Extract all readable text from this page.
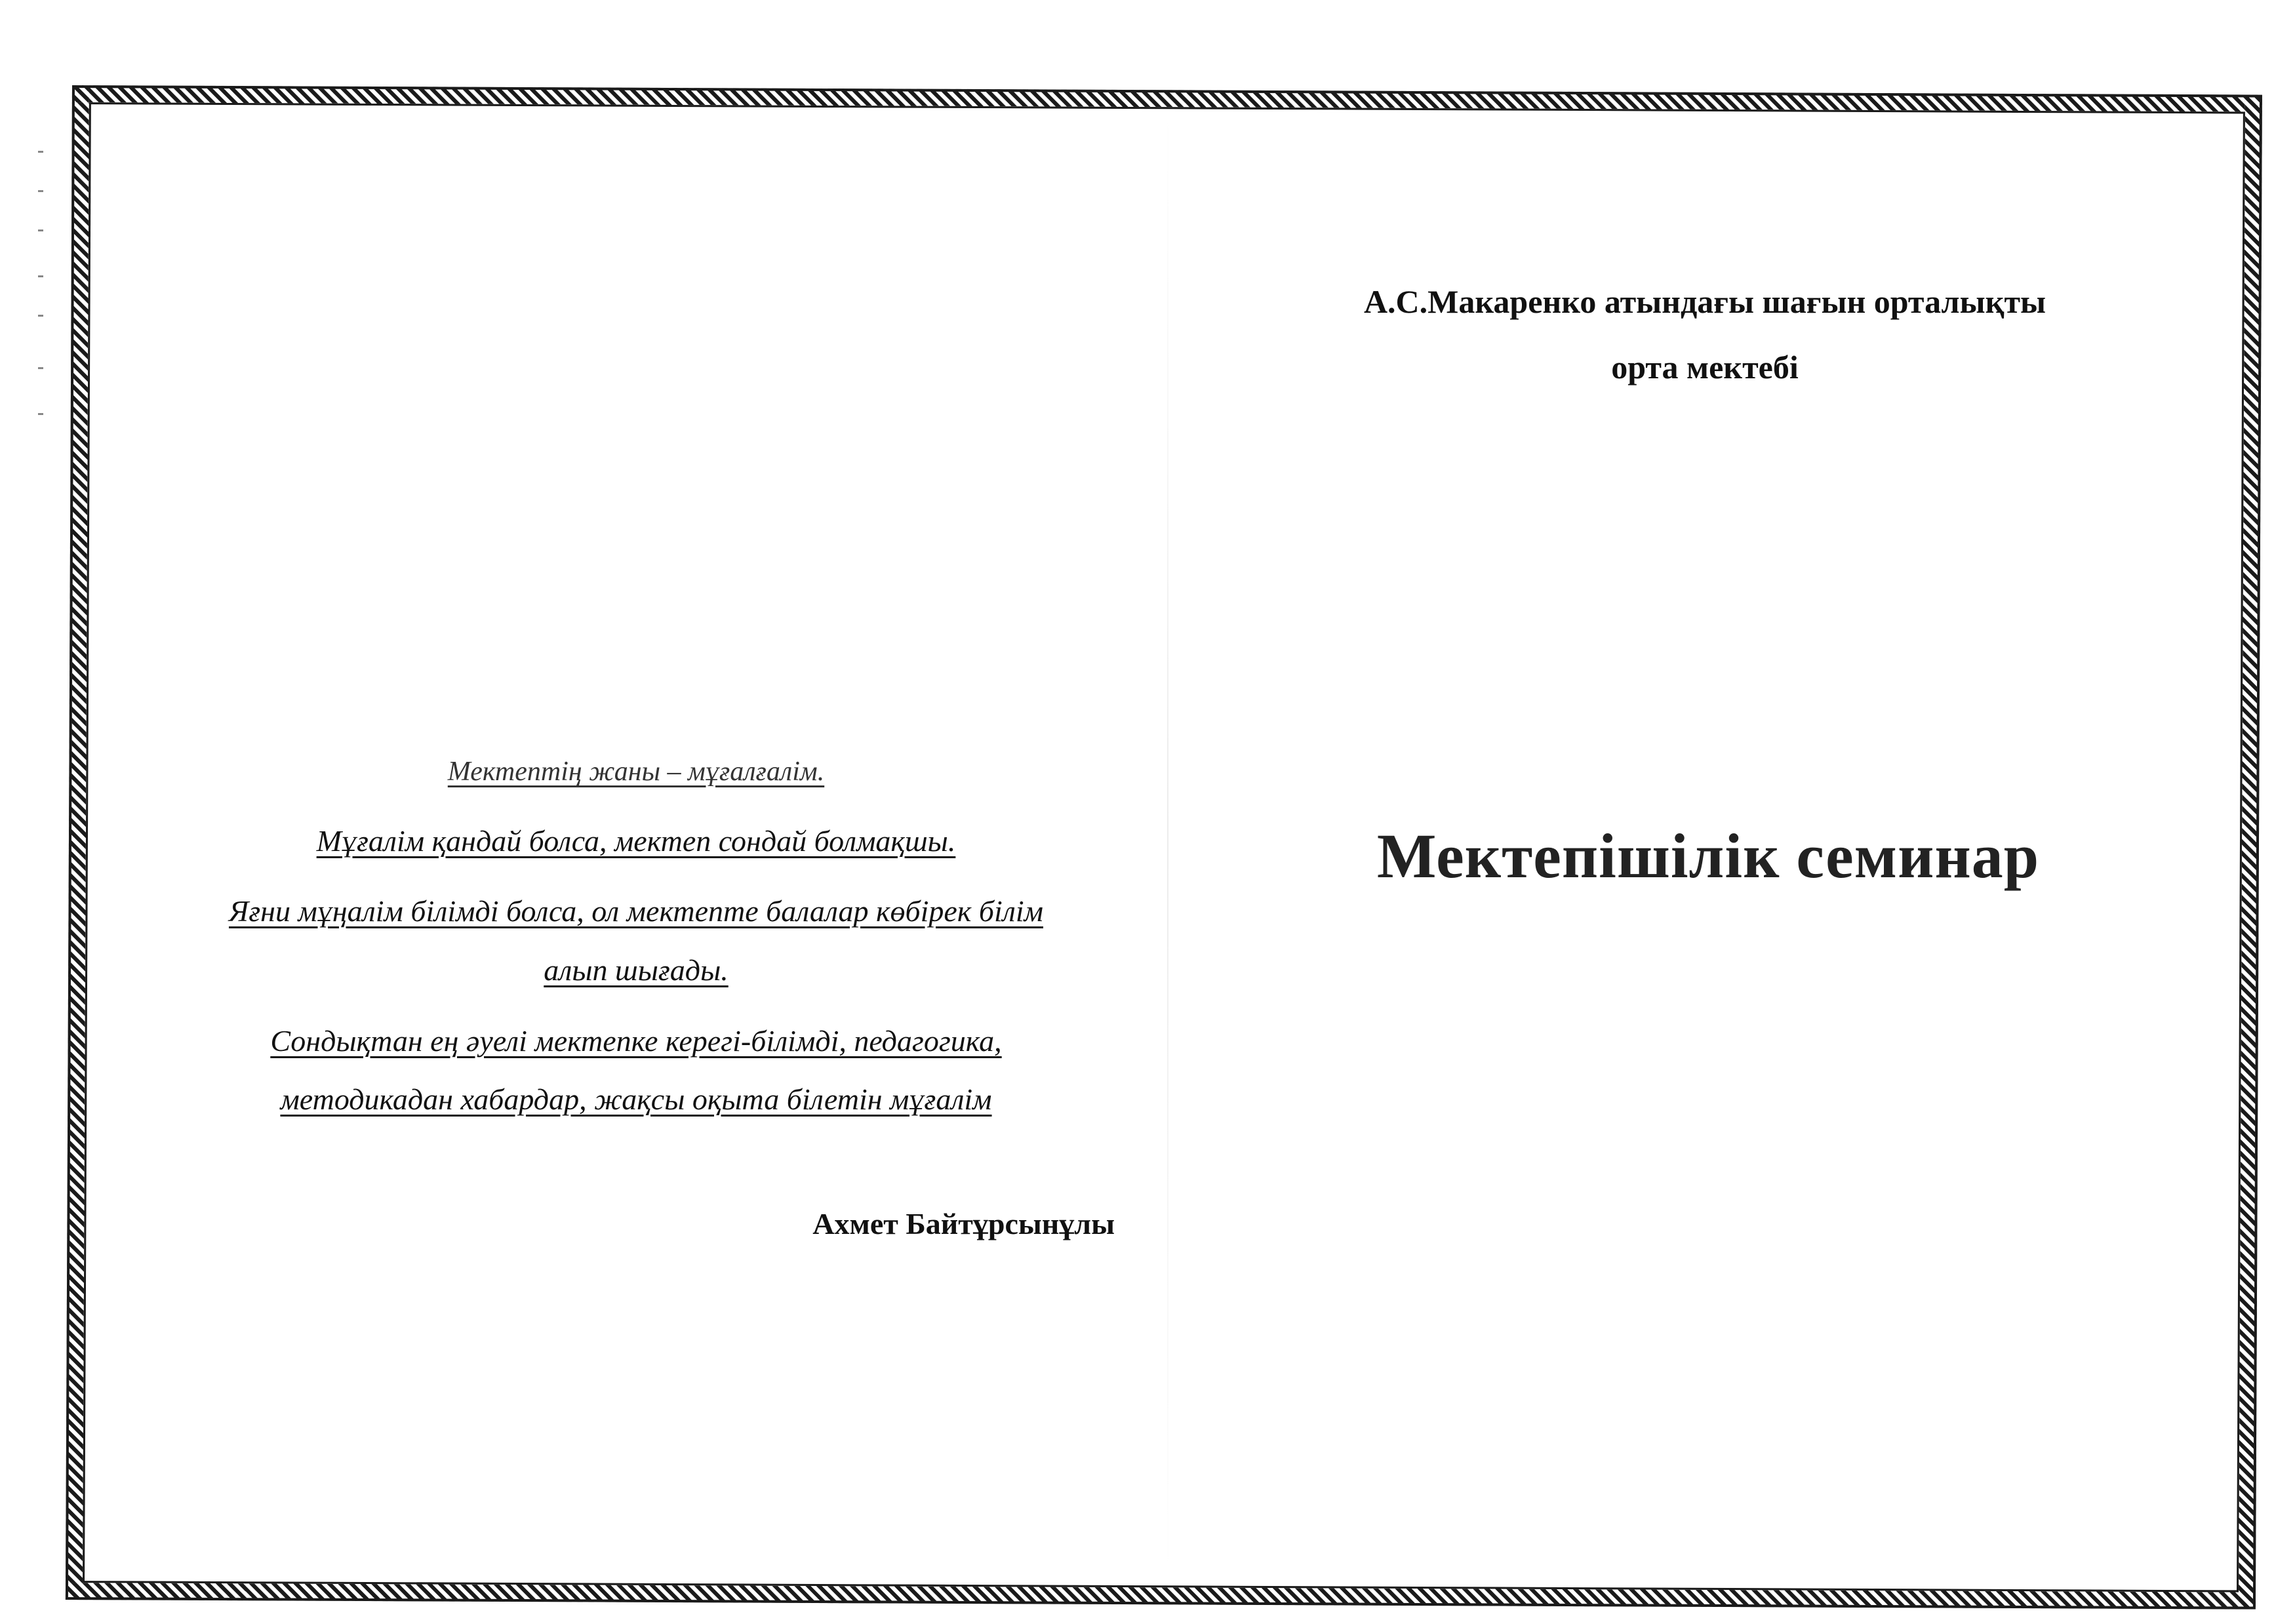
Мектептің жаны – мұғалғалім.
Мұғалім қандай болса, мектеп сондай болмақшы.
Яғни мұңалім білімді болса, ол мектепте балалар көбірек білім
алып шығады.
Сондықтан ең әуелі мектепке керегі-білімді, педагогика,
методикадан хабардар, жақсы оқыта білетін мұғалім
Ахмет Байтұрсынұлы
А.С.Макаренко атындағы шағын орталықты
орта мектебі
Мектепішілік семинар
